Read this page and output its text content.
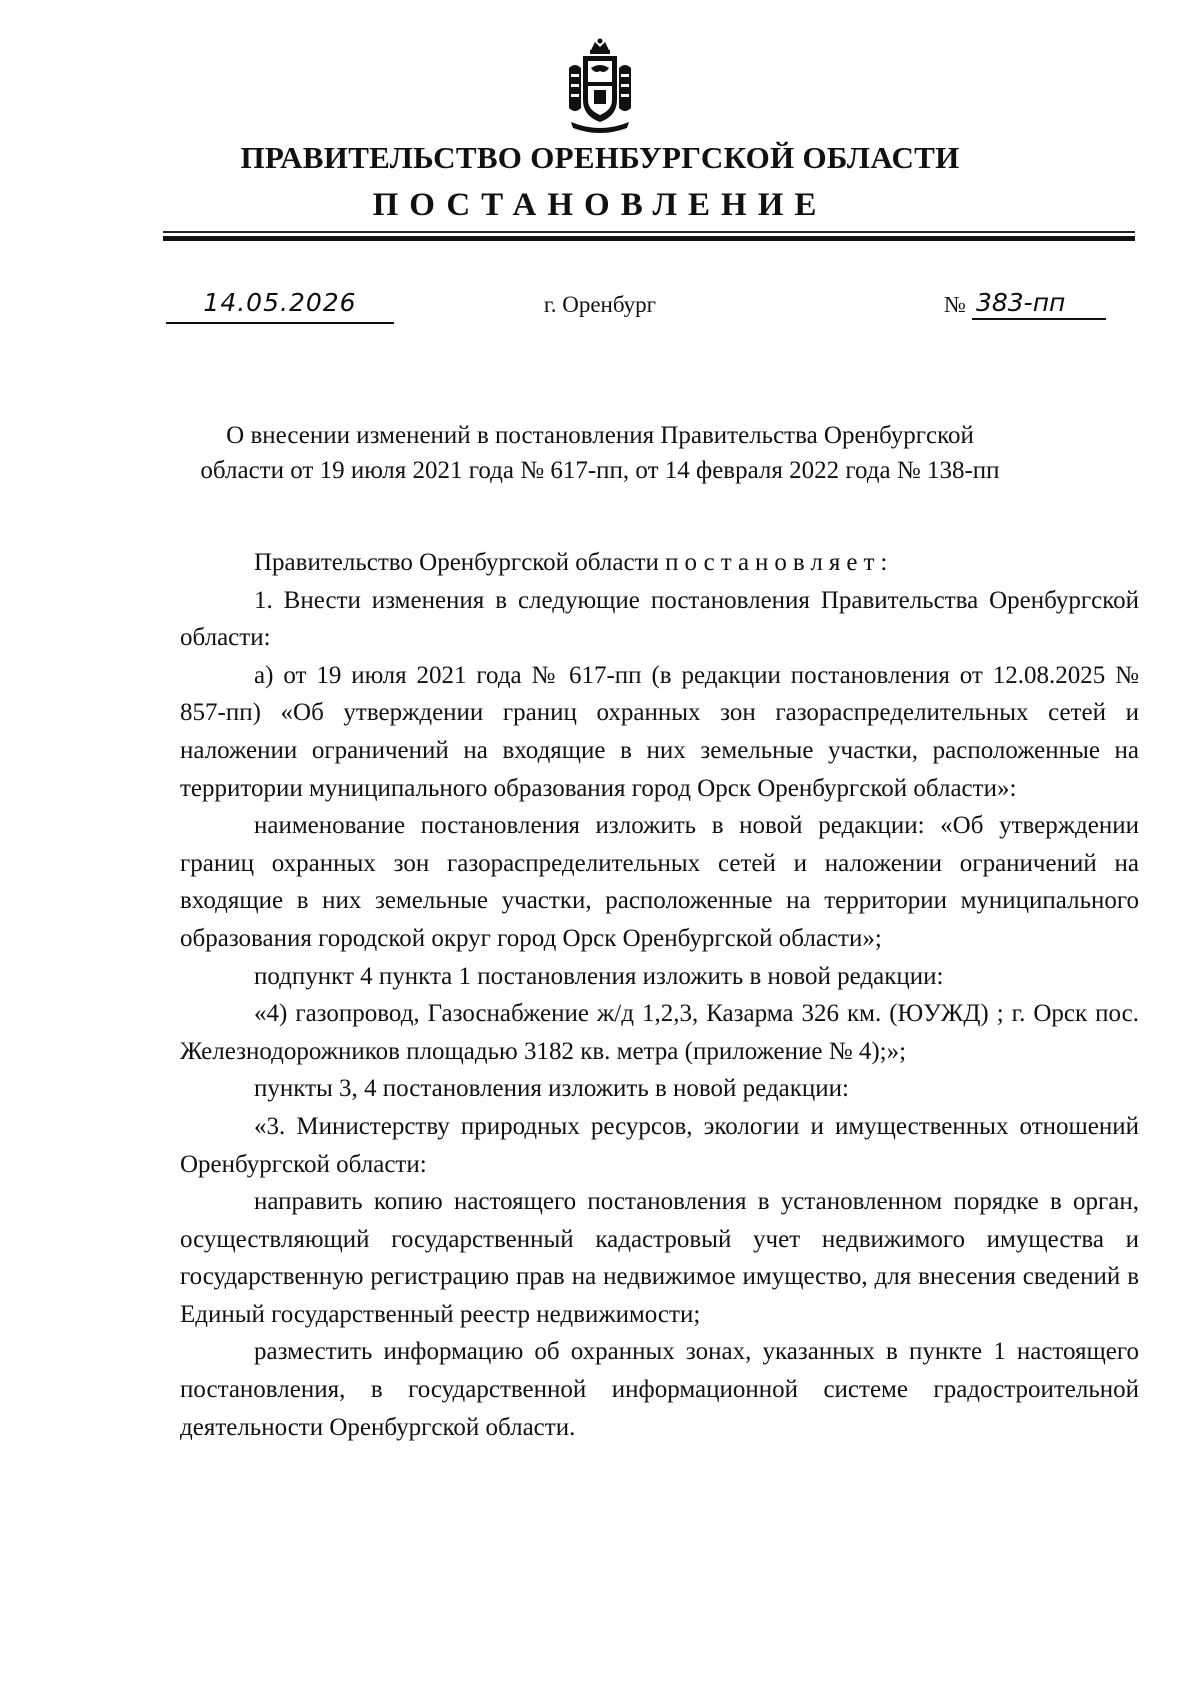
ПРАВИТЕЛЬСТВО ОРЕНБУРГСКОЙ ОБЛАСТИ
ПОСТАНОВЛЕНИЕ
14.05.2026	г. Оренбург	№ 383-пп
О внесении изменений в постановления Правительства Оренбургской
области от 19 июля 2021 года № 617-пп, от 14 февраля 2022 года № 138-пп

Правительство Оренбургской области постановляет:

1. Внести изменения в следующие постановления Правительства Оренбургской области:

а) от 19 июля 2021 года № 617-пп (в редакции постановления от 12.08.2025 № 857-пп) «Об утверждении границ охранных зон газораспределительных сетей и наложении ограничений на входящие в них земельные участки, расположенные на территории муниципального образования город Орск Оренбургской области»:

наименование постановления изложить в новой редакции: «Об утверждении границ охранных зон газораспределительных сетей и наложении ограничений на входящие в них земельные участки, расположенные на территории муниципального образования городской округ город Орск Оренбургской области»;

подпункт 4 пункта 1 постановления изложить в новой редакции:

«4) газопровод, Газоснабжение ж/д 1,2,3, Казарма 326 км. (ЮУЖД) ; г. Орск пос. Железнодорожников площадью 3182 кв. метра (приложение № 4);»;

пункты 3, 4 постановления изложить в новой редакции:

«3. Министерству природных ресурсов, экологии и имущественных отношений Оренбургской области:

направить копию настоящего постановления в установленном порядке в орган, осуществляющий государственный кадастровый учет недвижимого имущества и государственную регистрацию прав на недвижимое имущество, для внесения сведений в Единый государственный реестр недвижимости;

разместить информацию об охранных зонах, указанных в пункте 1 настоящего постановления, в государственной информационной системе градостроительной деятельности Оренбургской области.
